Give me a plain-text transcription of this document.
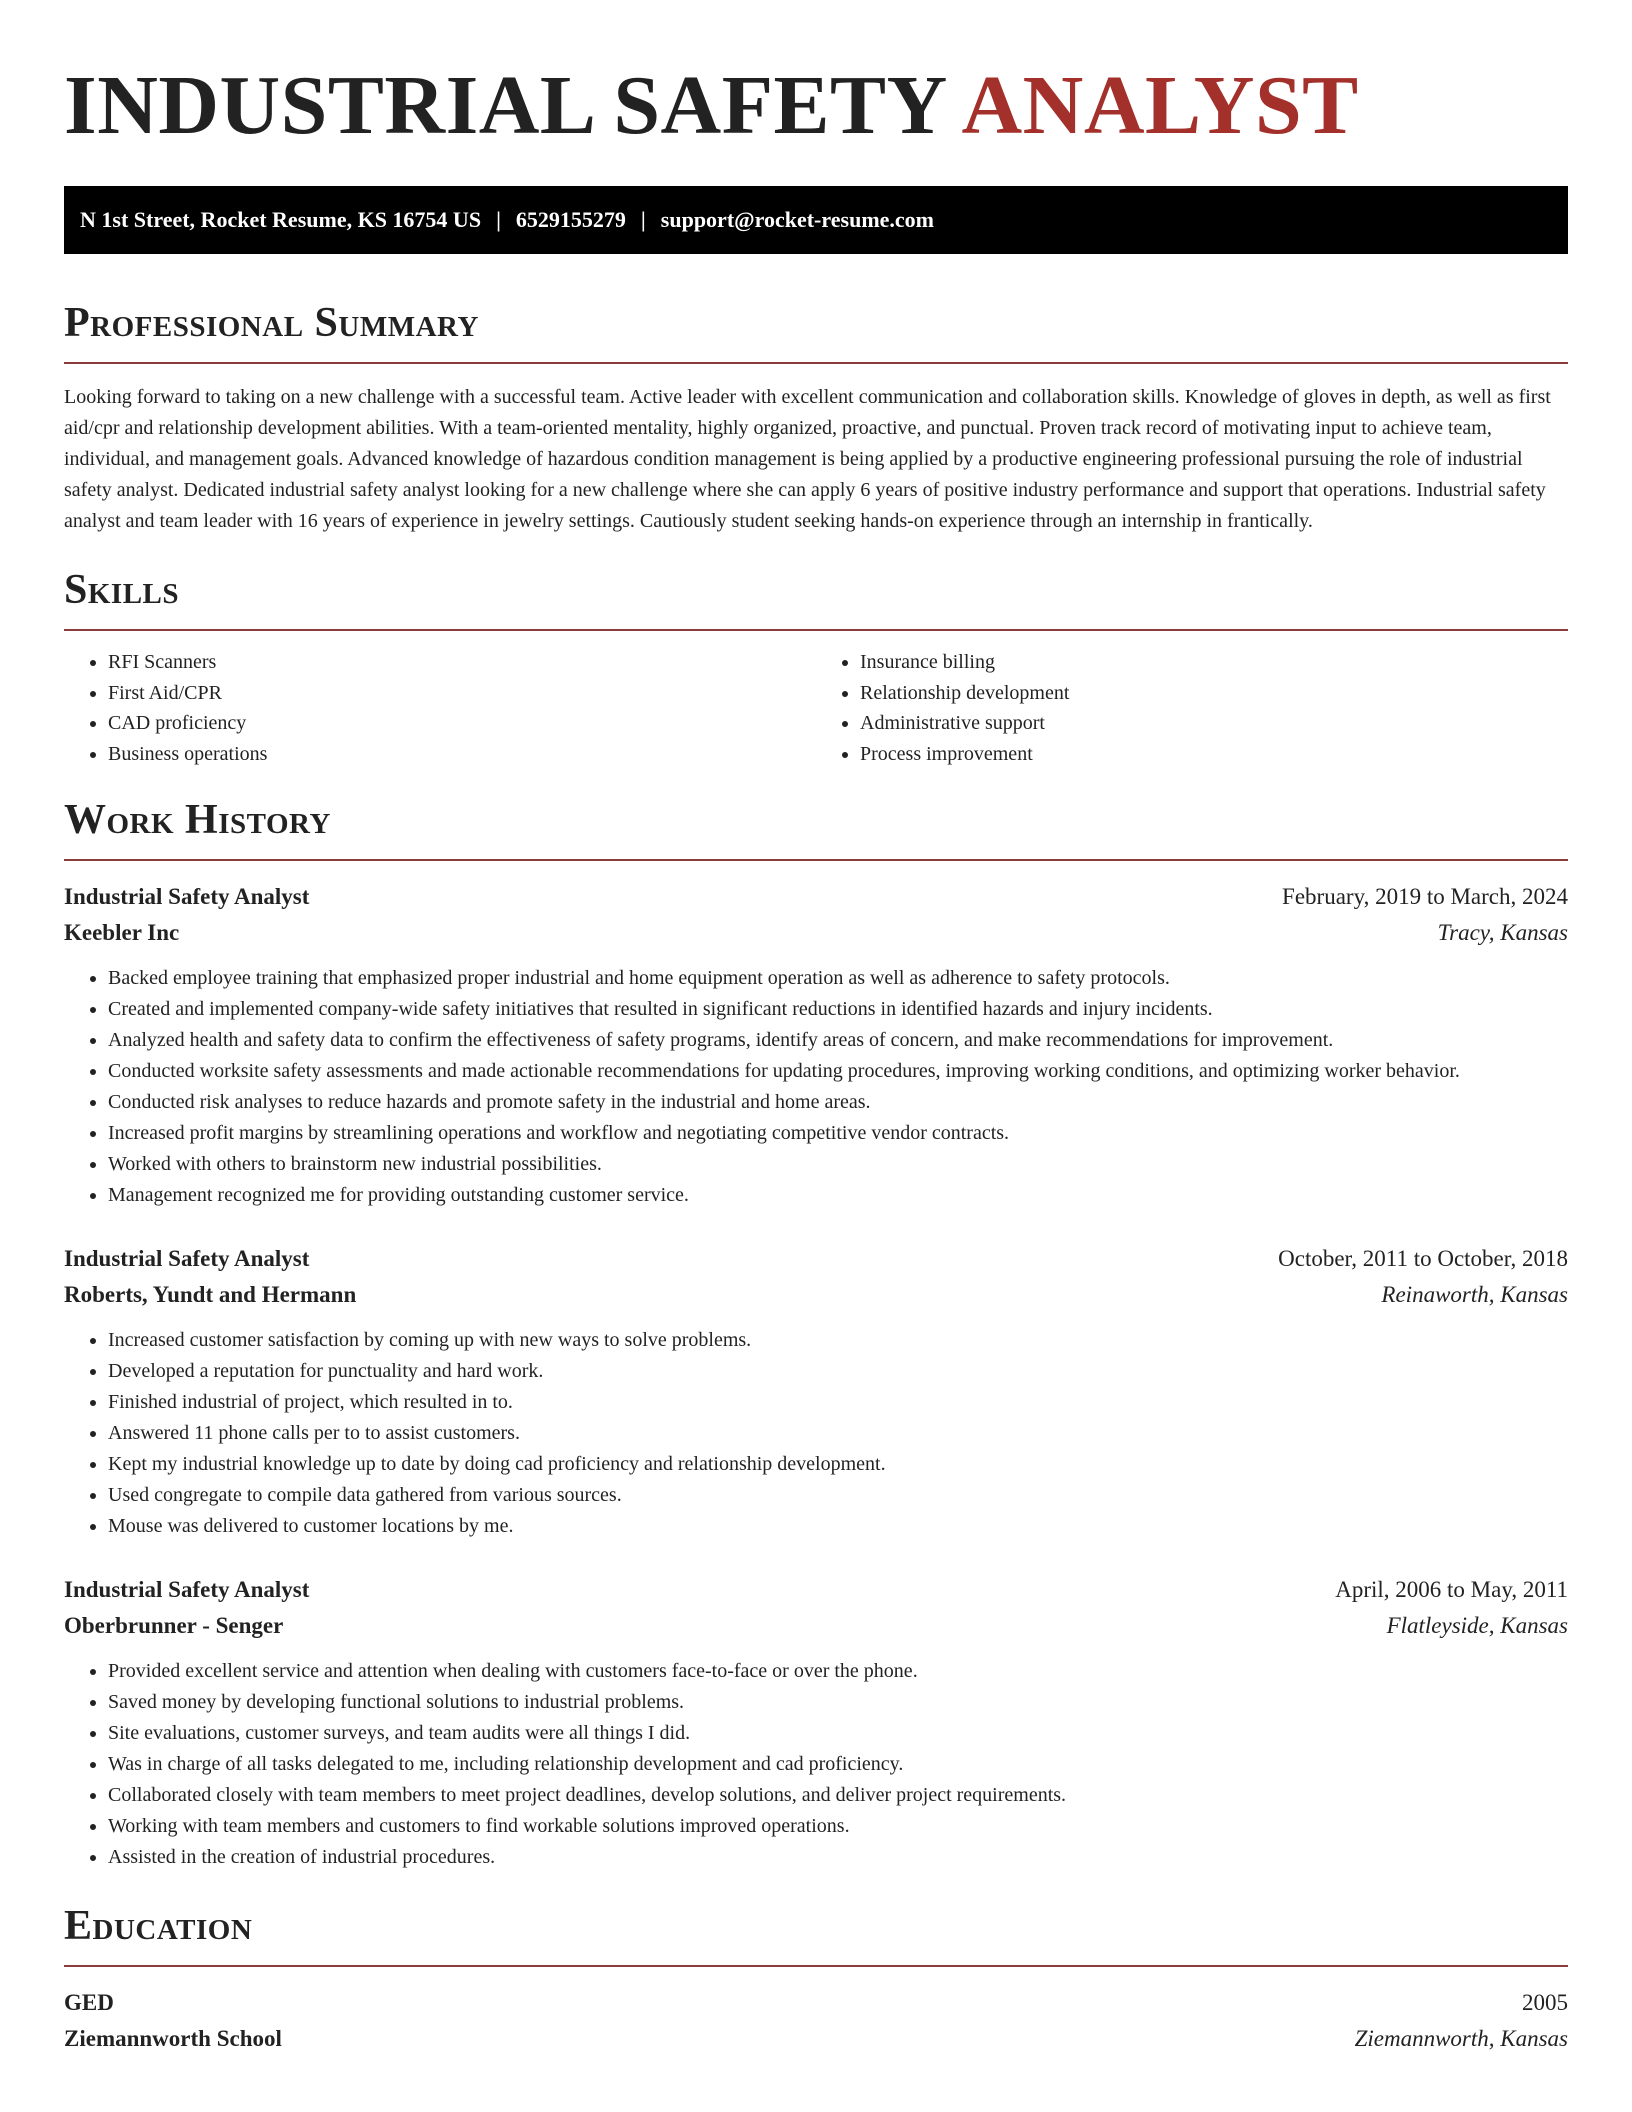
INDUSTRIAL SAFETY ANALYST
N 1st Street, Rocket Resume, KS 16754 US | 6529155279 | support@rocket-resume.com
Professional Summary

Looking forward to taking on a new challenge with a successful team. Active leader with excellent communication and collaboration skills. Knowledge of gloves in depth, as well as first aid/cpr and relationship development abilities. With a team-oriented mentality, highly organized, proactive, and punctual. Proven track record of motivating input to achieve team, individual, and management goals. Advanced knowledge of hazardous condition management is being applied by a productive engineering professional pursuing the role of industrial safety analyst. Dedicated industrial safety analyst looking for a new challenge where she can apply 6 years of positive industry performance and support that operations. Industrial safety analyst and team leader with 16 years of experience in jewelry settings. Cautiously student seeking hands-on experience through an internship in frantically.

Skills
• RFI Scanners
• First Aid/CPR
• CAD proficiency
• Business operations
• Insurance billing
• Relationship development
• Administrative support
• Process improvement
Work History
Industrial Safety Analyst	February, 2019 to March, 2024
Keebler Inc	Tracy, Kansas
• Backed employee training that emphasized proper industrial and home equipment operation as well as adherence to safety protocols.
• Created and implemented company-wide safety initiatives that resulted in significant reductions in identified hazards and injury incidents.
• Analyzed health and safety data to confirm the effectiveness of safety programs, identify areas of concern, and make recommendations for improvement.
• Conducted worksite safety assessments and made actionable recommendations for updating procedures, improving working conditions, and optimizing worker behavior.
• Conducted risk analyses to reduce hazards and promote safety in the industrial and home areas.
• Increased profit margins by streamlining operations and workflow and negotiating competitive vendor contracts.
• Worked with others to brainstorm new industrial possibilities.
• Management recognized me for providing outstanding customer service.
Industrial Safety Analyst	October, 2011 to October, 2018
Roberts, Yundt and Hermann	Reinaworth, Kansas
• Increased customer satisfaction by coming up with new ways to solve problems.
• Developed a reputation for punctuality and hard work.
• Finished industrial of project, which resulted in to.
• Answered 11 phone calls per to to assist customers.
• Kept my industrial knowledge up to date by doing cad proficiency and relationship development.
• Used congregate to compile data gathered from various sources.
• Mouse was delivered to customer locations by me.
Industrial Safety Analyst	April, 2006 to May, 2011
Oberbrunner - Senger	Flatleyside, Kansas
• Provided excellent service and attention when dealing with customers face-to-face or over the phone.
• Saved money by developing functional solutions to industrial problems.
• Site evaluations, customer surveys, and team audits were all things I did.
• Was in charge of all tasks delegated to me, including relationship development and cad proficiency.
• Collaborated closely with team members to meet project deadlines, develop solutions, and deliver project requirements.
• Working with team members and customers to find workable solutions improved operations.
• Assisted in the creation of industrial procedures.
Education
GED	2005
Ziemannworth School	Ziemannworth, Kansas
